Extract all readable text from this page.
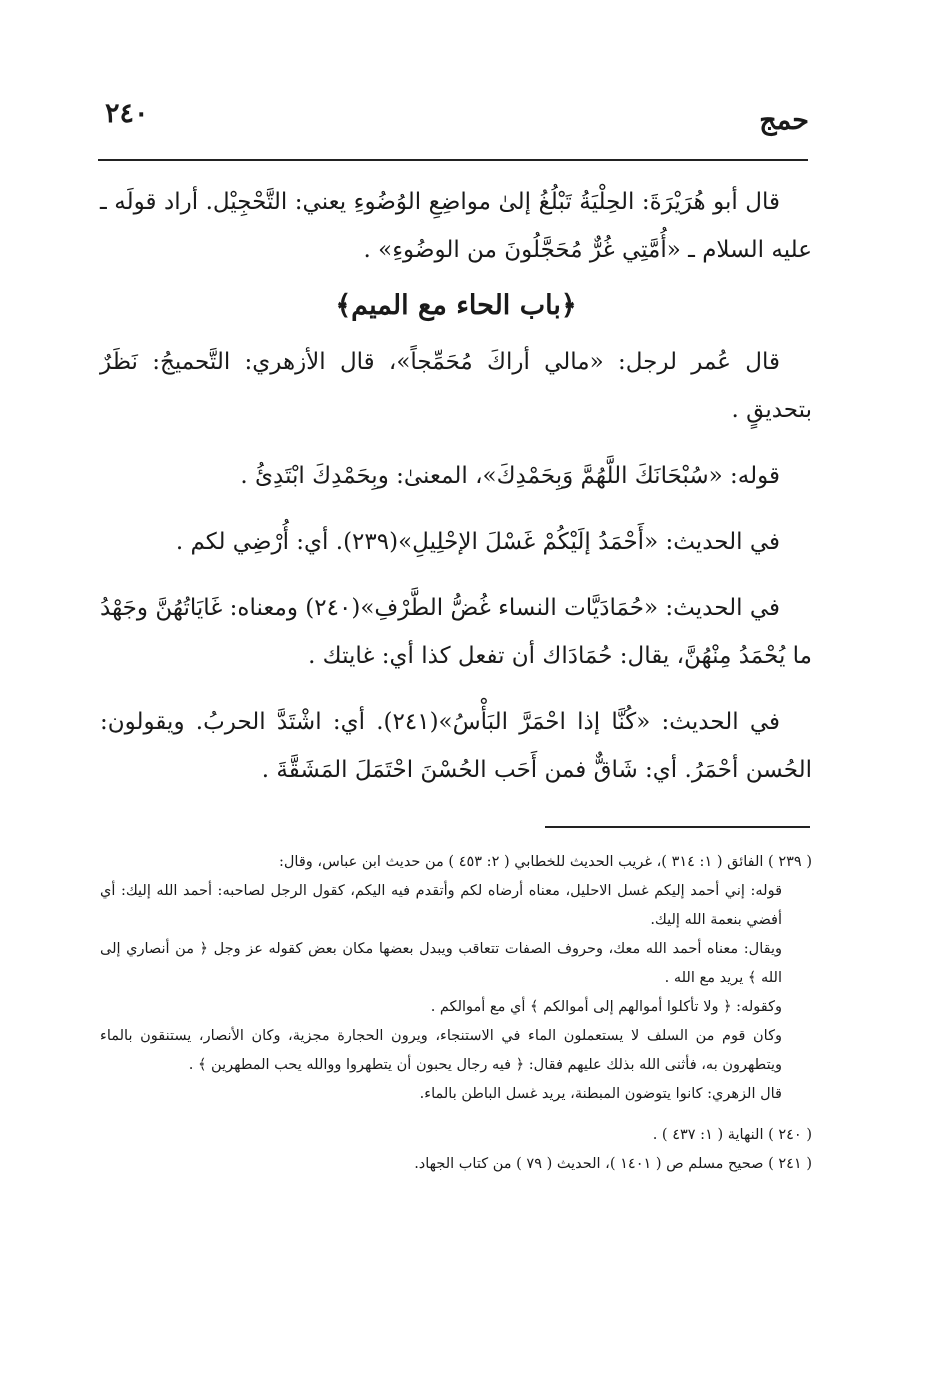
٢٤٠	حمج

قال أبو هُرَيْرَةَ: الحِلْيَةُ تَبْلُغُ إلىٰ مواضِعِ الوُضُوءِ يعني: التَّحْجِيْل. أراد قولَه ـ عليه السلام ـ «أُمَّتِي غُرٌّ مُحَجَّلُونَ من الوضُوءِ» .

﴿باب الحاء مع الميم﴾

قال عُمر لرجل: «مالي أراكَ مُحَمِّجاً»، قال الأزهري: التَّحميجُ: نَظَرٌ بتحديقٍ .

قوله: «سُبْحَانَكَ اللَّهُمَّ وَبِحَمْدِكَ»، المعنىٰ: وبِحَمْدِكَ ابْتَدِئُ .

في الحديث: «أَحْمَدُ إلَيْكُمْ غَسْلَ الإحْلِيلِ»(٢٣٩). أي: أُرْضِي لكم .

في الحديث: «حُمَادَيَّات النساء غُضُّ الطَّرْفِ»(٢٤٠) ومعناه: غَايَاتُهُنَّ وجَهْدُ ما يُحْمَدُ مِنْهُنَّ، يقال: حُمَادَاك أن تفعل كذا أي: غايتك .

في الحديث: «كُنَّا إذا احْمَرَّ البَأْسُ»(٢٤١). أي: اشْتَدَّ الحربُ. ويقولون: الحُسن أحْمَرُ. أي: شَاقٌّ فمن أَحَب الحُسْنَ احْتَمَلَ المَشَقَّةَ .

( ٢٣٩ ) الفائق ( ١: ٣١٤ )، غريب الحديث للخطابي ( ٢: ٤٥٣ ) من حديث ابن عباس، وقال:

قوله: إني أحمد إليكم غسل الاحليل، معناه أرضاه لكم وأتقدم فيه اليكم، كقول الرجل لصاحبه: أحمد الله إليك: أي أفضي بنعمة الله إليك.

ويقال: معناه أحمد الله معك، وحروف الصفات تتعاقب ويبدل بعضها مكان بعض كقوله عز وجل ﴿ من أنصاري إلى الله ﴾ يريد مع الله .

وكقوله: ﴿ ولا تأكلوا أموالهم إلى أموالكم ﴾ أي مع أموالكم .

وكان قوم من السلف لا يستعملون الماء في الاستنجاء، ويرون الحجارة مجزية، وكان الأنصار، يستنقون بالماء ويتطهرون به، فأثنى الله بذلك عليهم فقال: ﴿ فيه رجال يحبون أن يتطهروا ووالله يحب المطهرين ﴾ .

قال الزهري: كانوا يتوضون المبطنة، يريد غسل الباطن بالماء.

( ٢٤٠ ) النهاية ( ١: ٤٣٧ ) .

( ٢٤١ ) صحيح مسلم ص ( ١٤٠١ )، الحديث ( ٧٩ ) من كتاب الجهاد.
